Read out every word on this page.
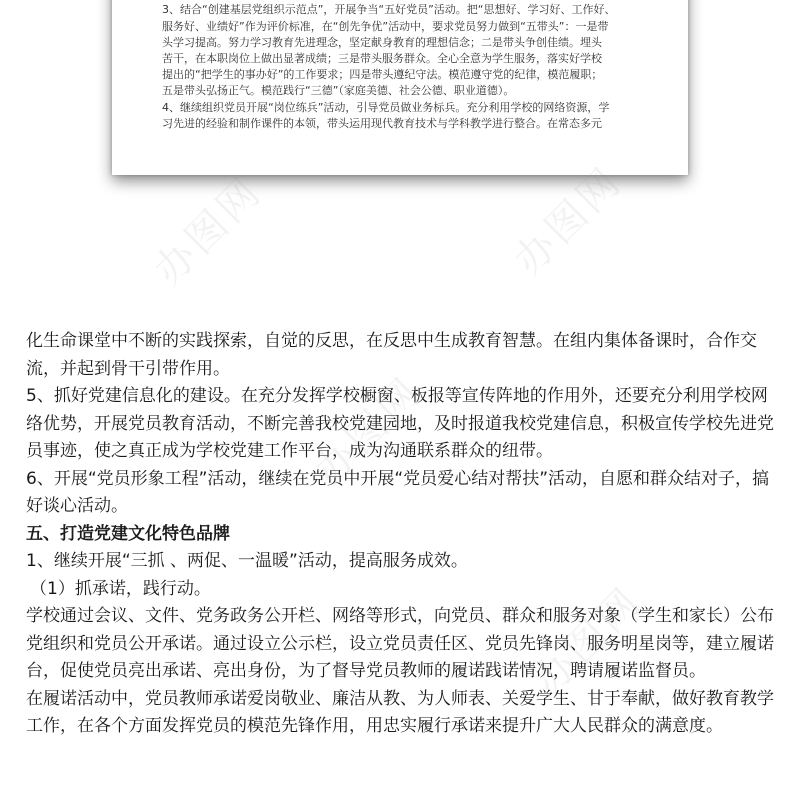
3、结合“创建基层党组织示范点”，开展争当“五好党员”活动。把“思想好、学习好、工作好、

服务好、业绩好”作为评价标准，在“创先争优”活动中，要求党员努力做到“五带头”：一是带

头学习提高。努力学习教育先进理念，坚定献身教育的理想信念；二是带头争创佳绩。埋头

苦干，在本职岗位上做出显著成绩；三是带头服务群众。全心全意为学生服务，落实好学校

提出的“把学生的事办好”的工作要求；四是带头遵纪守法。模范遵守党的纪律，模范履职；

五是带头弘扬正气。模范践行“三德”（家庭美德、社会公德、职业道德）。

4、继续组织党员开展“岗位练兵”活动，引导党员做业务标兵。充分利用学校的网络资源，学

习先进的经验和制作课件的本领，带头运用现代教育技术与学科教学进行整合。在常态多元

办图网	办图网
办图网
办图网

化生命课堂中不断的实践探索，自觉的反思，在反思中生成教育智慧。在组内集体备课时，合作交流，并起到骨干引带作用。

5、抓好党建信息化的建设。在充分发挥学校橱窗、板报等宣传阵地的作用外，还要充分利用学校网络优势，开展党员教育活动，不断完善我校党建园地，及时报道我校党建信息，积极宣传学校先进党员事迹，使之真正成为学校党建工作平台，成为沟通联系群众的纽带。

6、开展“党员形象工程”活动，继续在党员中开展“党员爱心结对帮扶”活动，自愿和群众结对子，搞好谈心活动。

五、打造党建文化特色品牌

1、继续开展“三抓 、两促、一温暖”活动，提高服务成效。

（1）抓承诺，践行动。

学校通过会议、文件、党务政务公开栏、网络等形式，向党员、群众和服务对象（学生和家长）公布党组织和党员公开承诺。通过设立公示栏，设立党员责任区、党员先锋岗、服务明星岗等，建立履诺台，促使党员亮出承诺、亮出身份，为了督导党员教师的履诺践诺情况，聘请履诺监督员。

在履诺活动中，党员教师承诺爱岗敬业、廉洁从教、为人师表、关爱学生、甘于奉献，做好教育教学工作，在各个方面发挥党员的模范先锋作用，用忠实履行承诺来提升广大人民群众的满意度。
